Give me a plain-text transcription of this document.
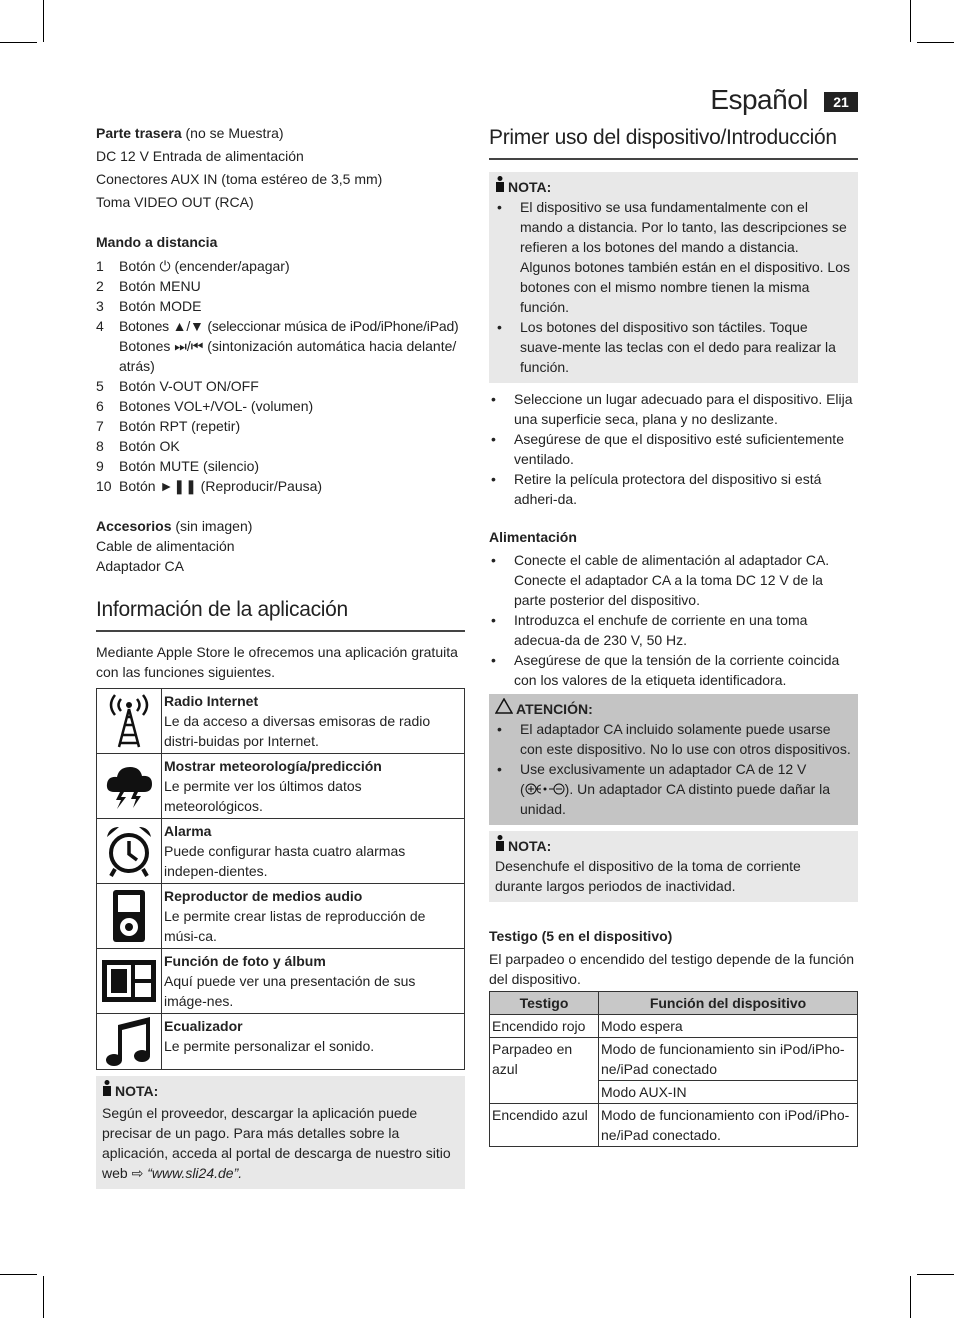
Español	21

Parte trasera (no se Muestra)

DC 12 V Entrada de alimentación

Conectores AUX IN (toma estéreo de 3,5 mm)

Toma VIDEO OUT (RCA)

Mando a distancia

1	Botón ⏻ (encender/apagar)
2	Botón MENU
3	Botón MODE
4	Botones ▲/▼ (seleccionar música de iPod/iPhone/iPad)
Botones ⏭/⏮ (sintonización automática hacia delante/ atrás)
5	Botón V-OUT ON/OFF
6	Botones VOL+/VOL- (volumen)
7	Botón RPT (repetir)
8	Botón OK
9	Botón MUTE (silencio)
10 Botón ►❚❚ (Reproducir/Pausa)

Accesorios (sin imagen)

Cable de alimentación

Adaptador CA

Información de la aplicación

Mediante Apple Store le ofrecemos una aplicación gratuita con las funciones siguientes.

	Radio Internet
Le da acceso a diversas emisoras de radio distri-buidas por Internet.
	Mostrar meteorología/predicción
Le permite ver los últimos datos meteorológicos.
	Alarma
Puede configurar hasta cuatro alarmas indepen-dientes.
	Reproductor de medios audio
Le permite crear listas de reproducción de músi-ca.
	Función de foto y álbum
Aquí puede ver una presentación de sus imáge-nes.
	Ecualizador
Le permite personalizar el sonido.
NOTA:

Según el proveedor, descargar la aplicación puede precisar de un pago. Para más detalles sobre la aplicación, acceda al portal de descarga de nuestro sitio web ⇨ “www.sli24.de”.

Primer uso del dispositivo/Introducción
NOTA:
•	El dispositivo se usa fundamentalmente con el mando a distancia. Por lo tanto, las descripciones se refieren a los botones del mando a distancia. Algunos botones también están en el dispositivo. Los botones con el mismo nombre tienen la misma función.
•	Los botones del dispositivo son táctiles. Toque suave-mente las teclas con el dedo para realizar la función.
•	Seleccione un lugar adecuado para el dispositivo. Elija una superficie seca, plana y no deslizante.
•	Asegúrese de que el dispositivo esté suficientemente ventilado.
•	Retire la película protectora del dispositivo si está adheri-da.

Alimentación

•	Conecte el cable de alimentación al adaptador CA. Conecte el adaptador CA a la toma DC 12 V de la parte posterior del dispositivo.
•	Introduzca el enchufe de corriente en una toma adecua-da de 230 V, 50 Hz.
•	Asegúrese de que la tensión de la corriente coincida con los valores de la etiqueta identificadora.
ATENCIÓN:
•	El adaptador CA incluido solamente puede usarse con este dispositivo. No lo use con otros dispositivos.
•	Use exclusivamente un adaptador CA de 12 V
(	). Un adaptador CA distinto puede dañar la unidad.
NOTA:

Desenchufe el dispositivo de la toma de corriente durante largos periodos de inactividad.

Testigo (5 en el dispositivo)

El parpadeo o encendido del testigo depende de la función del dispositivo.

Testigo	Función del dispositivo
Encendido rojo	Modo espera
Parpadeo en azul	Modo de funcionamiento sin iPod/iPho-ne/iPad conectado
	Modo AUX-IN
Encendido azul	Modo de funcionamiento con iPod/iPho-ne/iPad conectado.
